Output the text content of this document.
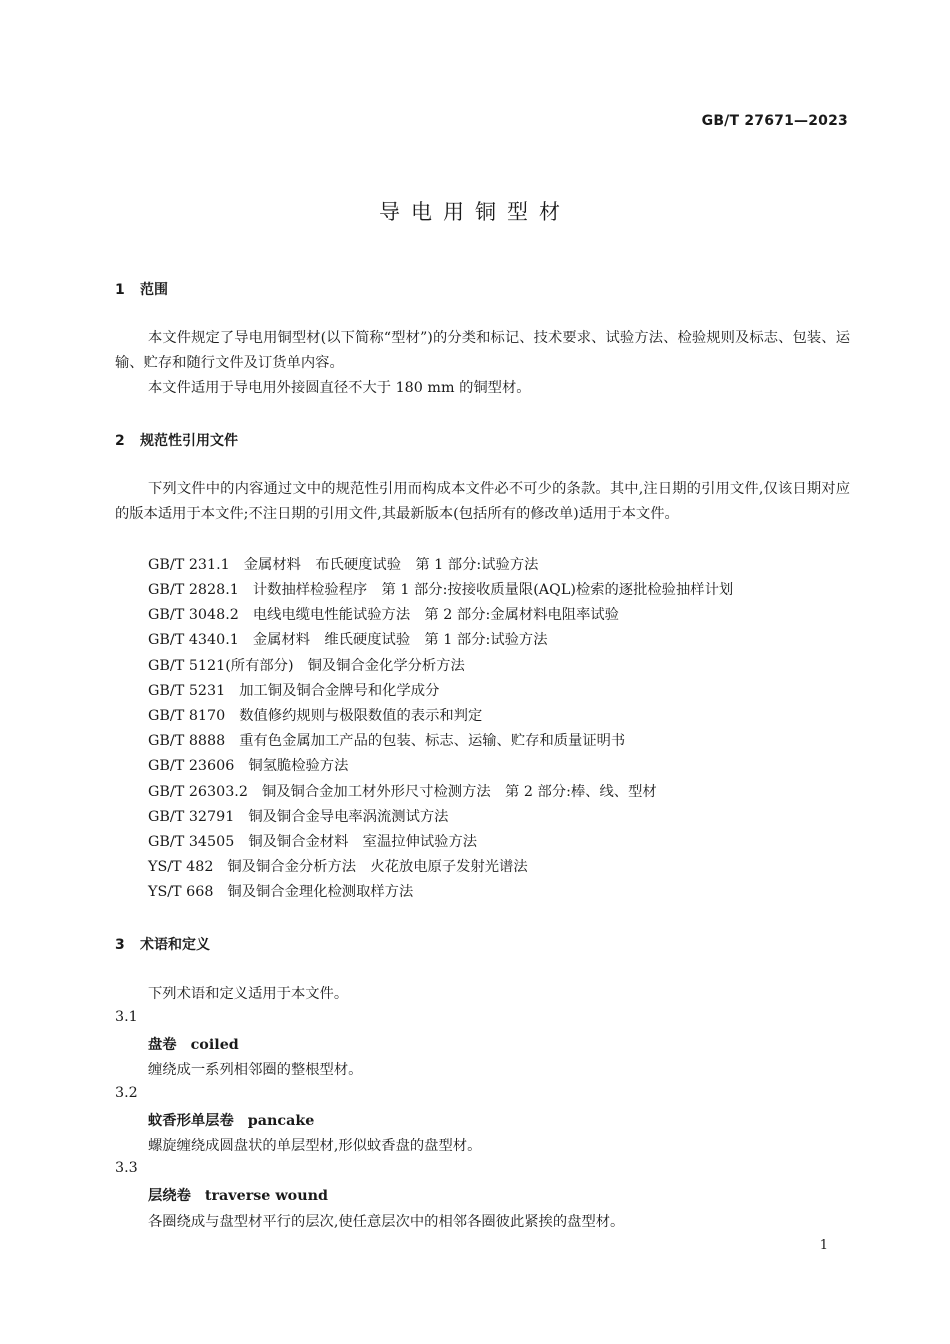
GB/T 27671—2023
导电用铜型材
1 范围

本文件规定了导电用铜型材(以下简称“型材”)的分类和标记、技术要求、试验方法、检验规则及标志、包装、运输、贮存和随行文件及订货单内容。

本文件适用于导电用外接圆直径不大于 180 mm 的铜型材。

2 规范性引用文件

下列文件中的内容通过文中的规范性引用而构成本文件必不可少的条款。其中,注日期的引用文件,仅该日期对应的版本适用于本文件;不注日期的引用文件,其最新版本(包括所有的修改单)适用于本文件。

GB/T 231.1 金属材料　布氏硬度试验　第 1 部分:试验方法
GB/T 2828.1 计数抽样检验程序　第 1 部分:按接收质量限(AQL)检索的逐批检验抽样计划
GB/T 3048.2 电线电缆电性能试验方法　第 2 部分:金属材料电阻率试验
GB/T 4340.1 金属材料　维氏硬度试验　第 1 部分:试验方法
GB/T 5121(所有部分) 铜及铜合金化学分析方法
GB/T 5231 加工铜及铜合金牌号和化学成分
GB/T 8170 数值修约规则与极限数值的表示和判定
GB/T 8888 重有色金属加工产品的包装、标志、运输、贮存和质量证明书
GB/T 23606 铜氢脆检验方法
GB/T 26303.2 铜及铜合金加工材外形尺寸检测方法　第 2 部分:棒、线、型材
GB/T 32791 铜及铜合金导电率涡流测试方法
GB/T 34505 铜及铜合金材料　室温拉伸试验方法
YS/T 482 铜及铜合金分析方法　火花放电原子发射光谱法
YS/T 668 铜及铜合金理化检测取样方法
3 术语和定义
下列术语和定义适用于本文件。
3.1
盘卷 coiled
缠绕成一系列相邻圈的整根型材。
3.2
蚊香形单层卷 pancake
螺旋缠绕成圆盘状的单层型材,形似蚊香盘的盘型材。
3.3
层绕卷 traverse wound
各圈绕成与盘型材平行的层次,使任意层次中的相邻各圈彼此紧挨的盘型材。
1
